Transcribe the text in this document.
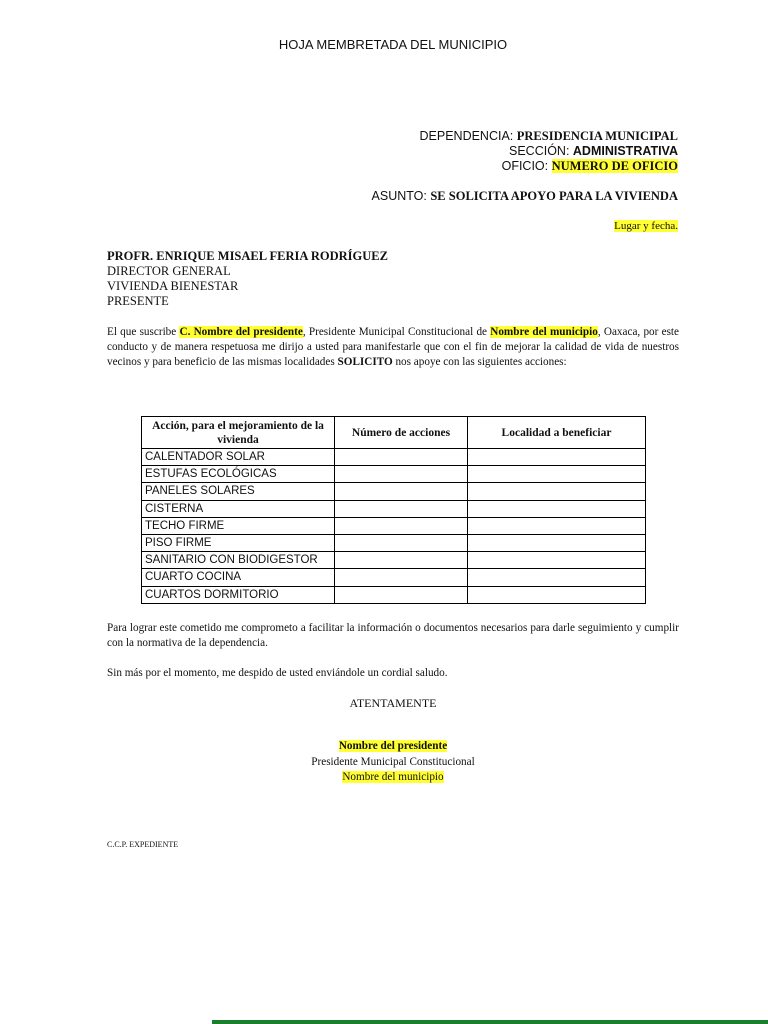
HOJA MEMBRETADA DEL MUNICIPIO
DEPENDENCIA: PRESIDENCIA MUNICIPAL
SECCIÓN: ADMINISTRATIVA
OFICIO: NUMERO DE OFICIO
ASUNTO: SE SOLICITA APOYO PARA LA VIVIENDA
Lugar y fecha.
PROFR. ENRIQUE MISAEL FERIA RODRÍGUEZ
DIRECTOR GENERAL
VIVIENDA BIENESTAR
PRESENTE
El que suscribe C. Nombre del presidente, Presidente Municipal Constitucional de Nombre del municipio, Oaxaca, por este conducto y de manera respetuosa me dirijo a usted para manifestarle que con el fin de mejorar la calidad de vida de nuestros vecinos y para beneficio de las mismas localidades SOLICITO nos apoye con las siguientes acciones:
Acción, para el mejoramiento de la vivienda	Número de acciones	Localidad a beneficiar
CALENTADOR SOLAR		
ESTUFAS ECOLÓGICAS		
PANELES SOLARES		
CISTERNA		
TECHO FIRME		
PISO FIRME		
SANITARIO CON BIODIGESTOR		
CUARTO COCINA		
CUARTOS DORMITORIO		
Para lograr este cometido me comprometo a facilitar la información o documentos necesarios para darle seguimiento y cumplir con la normativa de la dependencia.
Sin más por el momento, me despido de usted enviándole un cordial saludo.
ATENTAMENTE
Nombre del presidente
Presidente Municipal Constitucional
Nombre del municipio
C.C.P. EXPEDIENTE
